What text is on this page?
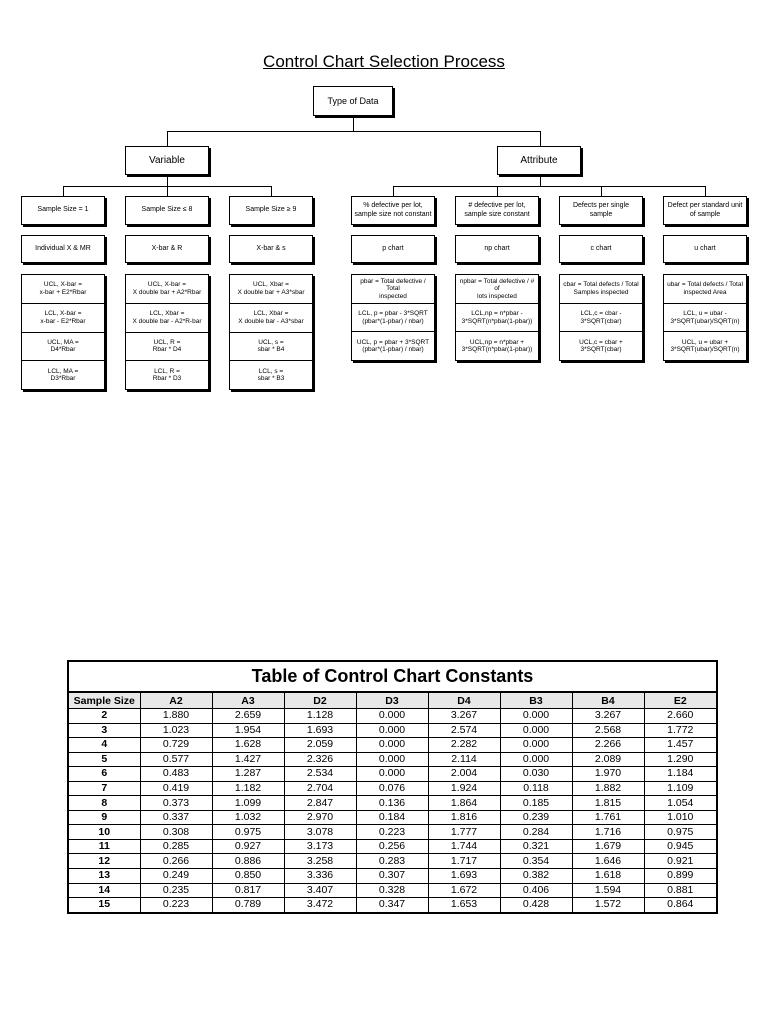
Control Chart Selection Process
Type of Data
Variable	Attribute
Sample Size = 1
Individual X & MR
UCL, X-bar =
x-bar + E2*Rbar
LCL, X-bar =
x-bar - E2*Rbar
UCL, MA =
D4*Rbar
LCL, MA =
D3*Rbar
Sample Size ≤ 8
X-bar & R
UCL, X-bar =
X double bar + A2*Rbar
LCL, Xbar =
X double bar - A2*R-bar
UCL, R =
Rbar * D4
LCL, R =
Rbar * D3
Sample Size ≥ 9
X-bar & s
UCL, Xbar =
X double bar + A3*sbar
LCL, Xbar =
X double bar - A3*sbar
UCL, s =
sbar * B4
LCL, s =
sbar * B3
% defective per lot,
sample size not constant
p chart
pbar = Total defective / Total
inspected
LCL, p = pbar - 3*SQRT
(pbar*(1-pbar) / nbar)
UCL, p = pbar + 3*SQRT
(pbar*(1-pbar) / nbar)
# defective per lot,
sample size constant
np chart
npbar = Total defective / # of
lots inspected
LCL,np = n*pbar -
3*SQRT(n*pbar(1-pbar))
UCL,np = n*pbar +
3*SQRT(n*pbar(1-pbar))
Defects per single sample
c chart
cbar = Total defects / Total
Samples inspected
LCL,c = cbar - 3*SQRT(cbar)
UCL,c = cbar + 3*SQRT(cbar)
Defect per standard unit
of sample
u chart
ubar = Total defects / Total
inspected Area
LCL, u = ubar -
3*SQRT(ubar)/SQRT(n)
UCL, u = ubar +
3*SQRT(ubar)/SQRT(n)
Table of Control Chart Constants
Sample Size	A2	A3	D2	D3	D4	B3	B4	E2
2	1.880	2.659	1.128	0.000	3.267	0.000	3.267	2.660
3	1.023	1.954	1.693	0.000	2.574	0.000	2.568	1.772
4	0.729	1.628	2.059	0.000	2.282	0.000	2.266	1.457
5	0.577	1.427	2.326	0.000	2.114	0.000	2.089	1.290
6	0.483	1.287	2.534	0.000	2.004	0.030	1.970	1.184
7	0.419	1.182	2.704	0.076	1.924	0.118	1.882	1.109
8	0.373	1.099	2.847	0.136	1.864	0.185	1.815	1.054
9	0.337	1.032	2.970	0.184	1.816	0.239	1.761	1.010
10	0.308	0.975	3.078	0.223	1.777	0.284	1.716	0.975
11	0.285	0.927	3.173	0.256	1.744	0.321	1.679	0.945
12	0.266	0.886	3.258	0.283	1.717	0.354	1.646	0.921
13	0.249	0.850	3.336	0.307	1.693	0.382	1.618	0.899
14	0.235	0.817	3.407	0.328	1.672	0.406	1.594	0.881
15	0.223	0.789	3.472	0.347	1.653	0.428	1.572	0.864
